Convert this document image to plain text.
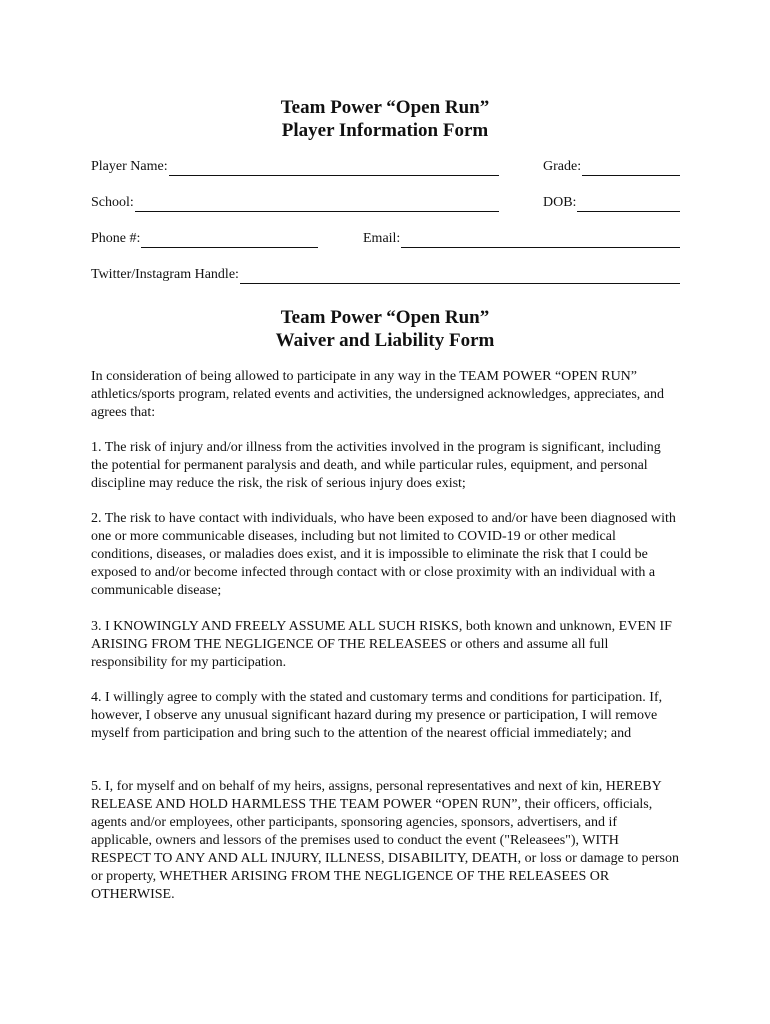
Team Power “Open Run”
Player Information Form
Player Name:	Grade:
School:	DOB:
Phone #:	Email:
Twitter/Instagram Handle:
Team Power “Open Run”
Waiver and Liability Form

In consideration of being allowed to participate in any way in the TEAM POWER “OPEN RUN” athletics/sports program, related events and activities, the undersigned acknowledges, appreciates, and agrees that:

1. The risk of injury and/or illness from the activities involved in the program is significant, including the potential for permanent paralysis and death, and while particular rules, equipment, and personal discipline may reduce the risk, the risk of serious injury does exist;

2. The risk to have contact with individuals, who have been exposed to and/or have been diagnosed with one or more communicable diseases, including but not limited to COVID-19 or other medical conditions, diseases, or maladies does exist, and it is impossible to eliminate the risk that I could be exposed to and/or become infected through contact with or close proximity with an individual with a communicable disease;

3. I KNOWINGLY AND FREELY ASSUME ALL SUCH RISKS, both known and unknown, EVEN IF ARISING FROM THE NEGLIGENCE OF THE RELEASEES or others and assume all full responsibility for my participation.

4. I willingly agree to comply with the stated and customary terms and conditions for participation. If, however, I observe any unusual significant hazard during my presence or participation, I will remove myself from participation and bring such to the attention of the nearest official immediately; and

5. I, for myself and on behalf of my heirs, assigns, personal representatives and next of kin, HEREBY RELEASE AND HOLD HARMLESS THE TEAM POWER “OPEN RUN”, their officers, officials, agents and/or employees, other participants, sponsoring agencies, sponsors, advertisers, and if applicable, owners and lessors of the premises used to conduct the event ("Releasees"), WITH RESPECT TO ANY AND ALL INJURY, ILLNESS, DISABILITY, DEATH, or loss or damage to person or property, WHETHER ARISING FROM THE NEGLIGENCE OF THE RELEASEES OR OTHERWISE.
